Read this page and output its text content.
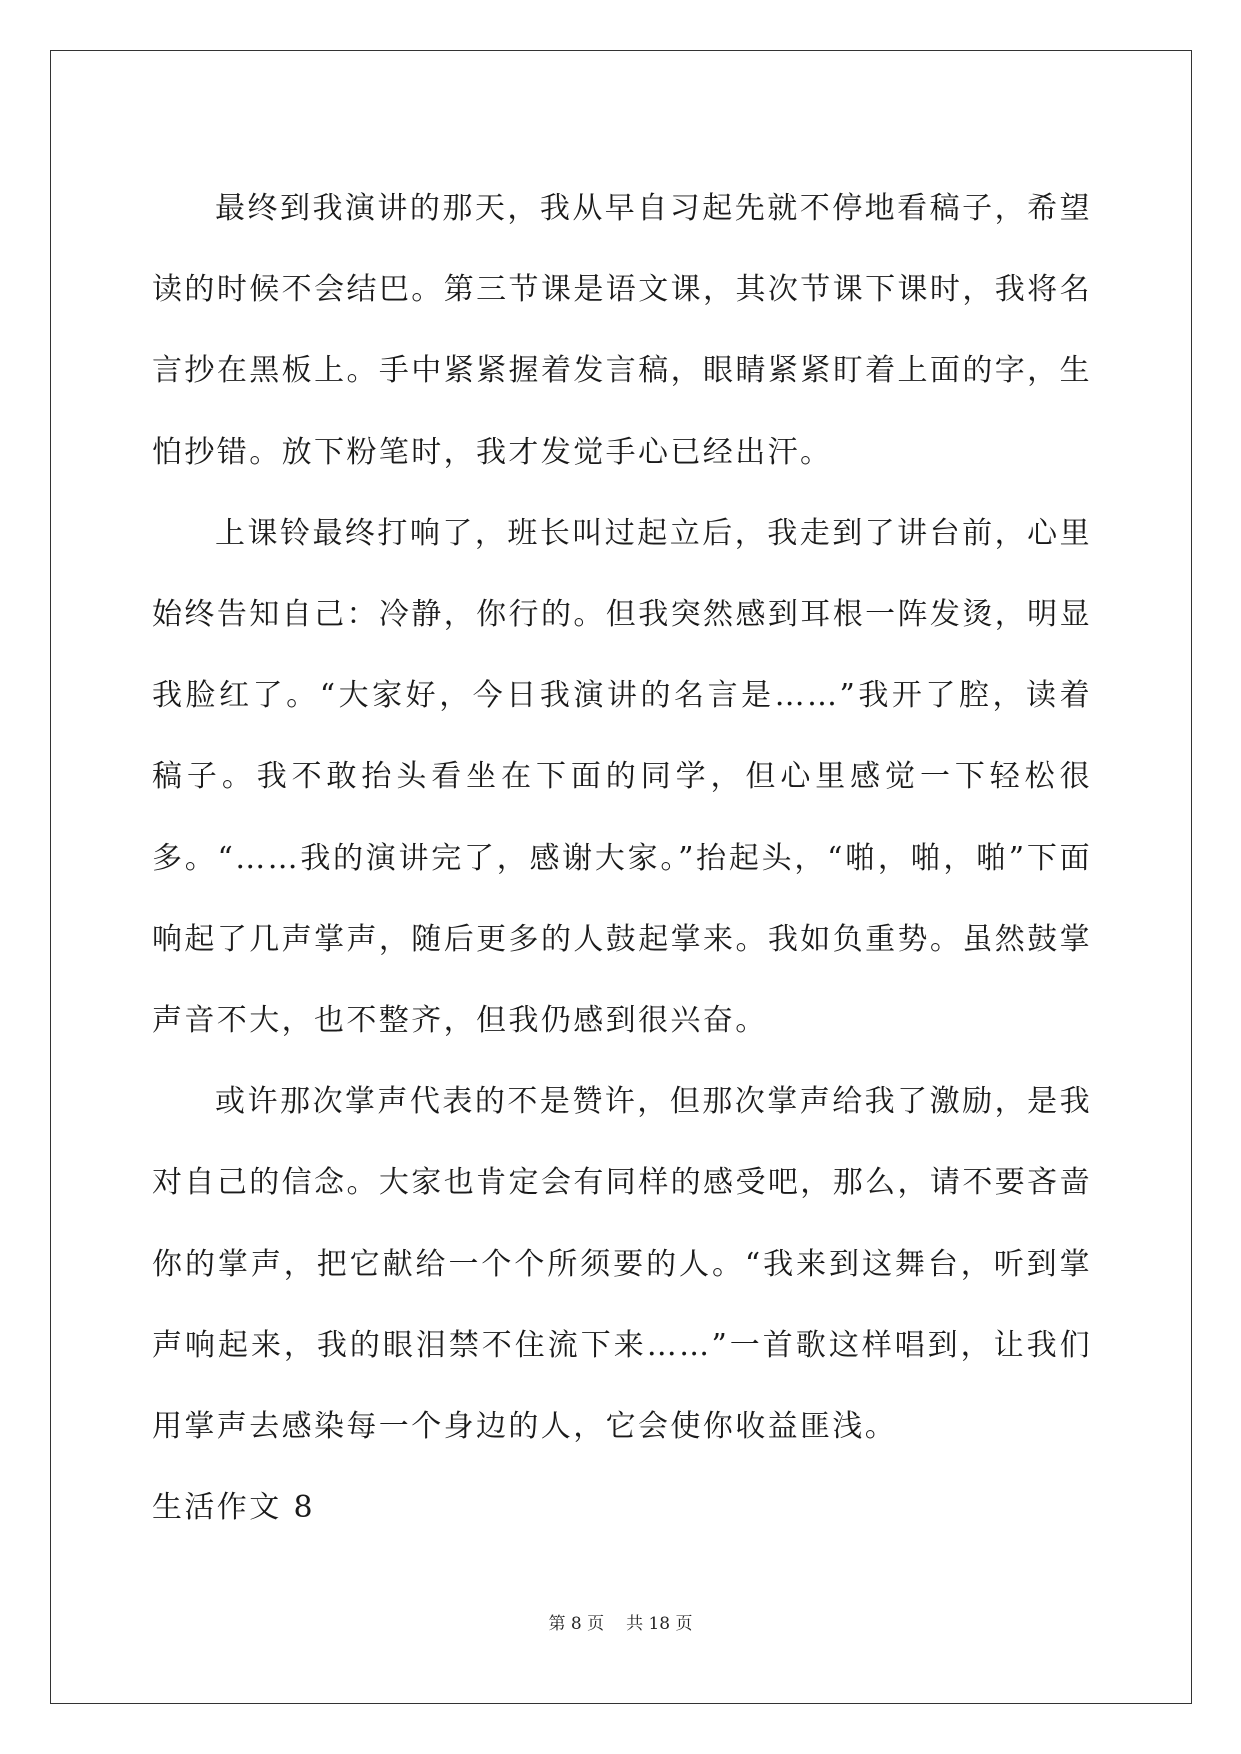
最终到我演讲的那天，我从早自习起先就不停地看稿子，希望读的时候不会结巴。第三节课是语文课，其次节课下课时，我将名言抄在黑板上。手中紧紧握着发言稿，眼睛紧紧盯着上面的字，生怕抄错。放下粉笔时，我才发觉手心已经出汗。

上课铃最终打响了，班长叫过起立后，我走到了讲台前，心里始终告知自己：冷静，你行的。但我突然感到耳根一阵发烫，明显我脸红了。“大家好，今日我演讲的名言是……”我开了腔，读着稿子。我不敢抬头看坐在下面的同学，但心里感觉一下轻松很多。“……我的演讲完了，感谢大家。”抬起头，“啪，啪，啪”下面响起了几声掌声，随后更多的人鼓起掌来。我如负重势。虽然鼓掌声音不大，也不整齐，但我仍感到很兴奋。

或许那次掌声代表的不是赞许，但那次掌声给我了激励，是我对自己的信念。大家也肯定会有同样的感受吧，那么，请不要吝啬你的掌声，把它献给一个个所须要的人。“我来到这舞台，听到掌声响起来，我的眼泪禁不住流下来……”一首歌这样唱到，让我们用掌声去感染每一个身边的人，它会使你收益匪浅。

生活作文 8

第 8 页 共 18 页
